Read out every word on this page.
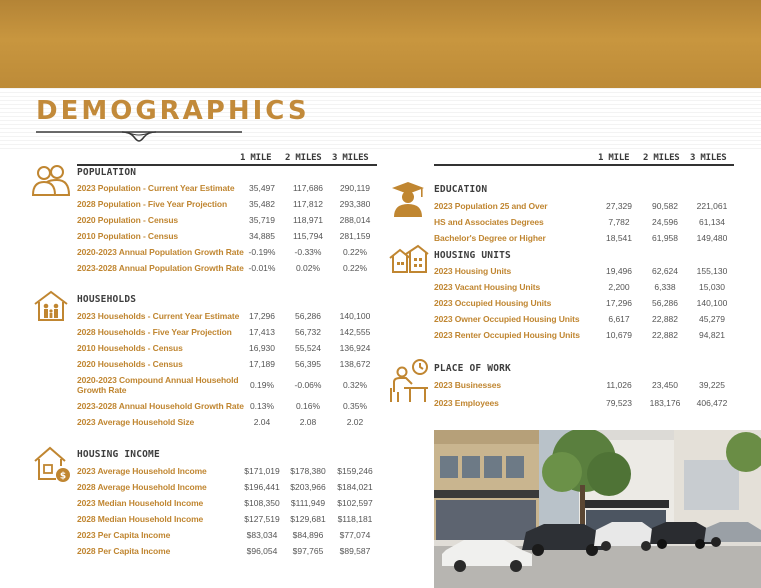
DEMOGRAPHICS
1 MILE 2 MILES 3 MILES	1 MILE 2 MILES 3 MILES
$
POPULATION
HOUSEHOLDS
HOUSING INCOME
EDUCATION
HOUSING UNITS
PLACE OF WORK
2023 Population - Current Year Estimate	35,497	117,686	290,119
2028 Population - Five Year Projection	35,482	117,812	293,380
2020 Population - Census	35,719	118,971	288,014
2010 Population - Census	34,885	115,794	281,159
2020-2023 Annual Population Growth Rate -0.19%	-0.33%	0.22%
2023-2028 Annual Population Growth Rate -0.01%	0.02%	0.22%
2023 Households - Current Year Estimate	17,296	56,286	140,100
2028 Households - Five Year Projection	17,413	56,732	142,555
2010 Households - Census	16,930	55,524	136,924
2020 Households - Census	17,189	56,395	138,672
2020-2023 Compound Annual Household
Growth Rate	0.19%	-0.06%	0.32%
2023-2028 Annual Household Growth Rate 0.13%	0.16%	0.35%
2023 Average Household Size	2.04	2.08	2.02
2023 Average Household Income	$171,019	$178,380	$159,246
2028 Average Household Income	$196,441	$203,966	$184,021
2023 Median Household Income	$108,350	$111,949	$102,597
2028 Median Household Income	$127,519	$129,681	$118,181
2023 Per Capita Income	$83,034	$84,896	$77,074
2028 Per Capita Income	$96,054	$97,765	$89,587
2023 Population 25 and Over	27,329	90,582	221,061
HS and Associates Degrees	7,782	24,596	61,134
Bachelor's Degree or Higher	18,541	61,958	149,480
2023 Housing Units	19,496	62,624	155,130
2023 Vacant Housing Units	2,200	6,338	15,030
2023 Occupied Housing Units	17,296	56,286	140,100
2023 Owner Occupied Housing Units	6,617	22,882	45,279
2023 Renter Occupied Housing Units	10,679	22,882	94,821
2023 Businesses	11,026	23,450	39,225
2023 Employees	79,523	183,176	406,472
